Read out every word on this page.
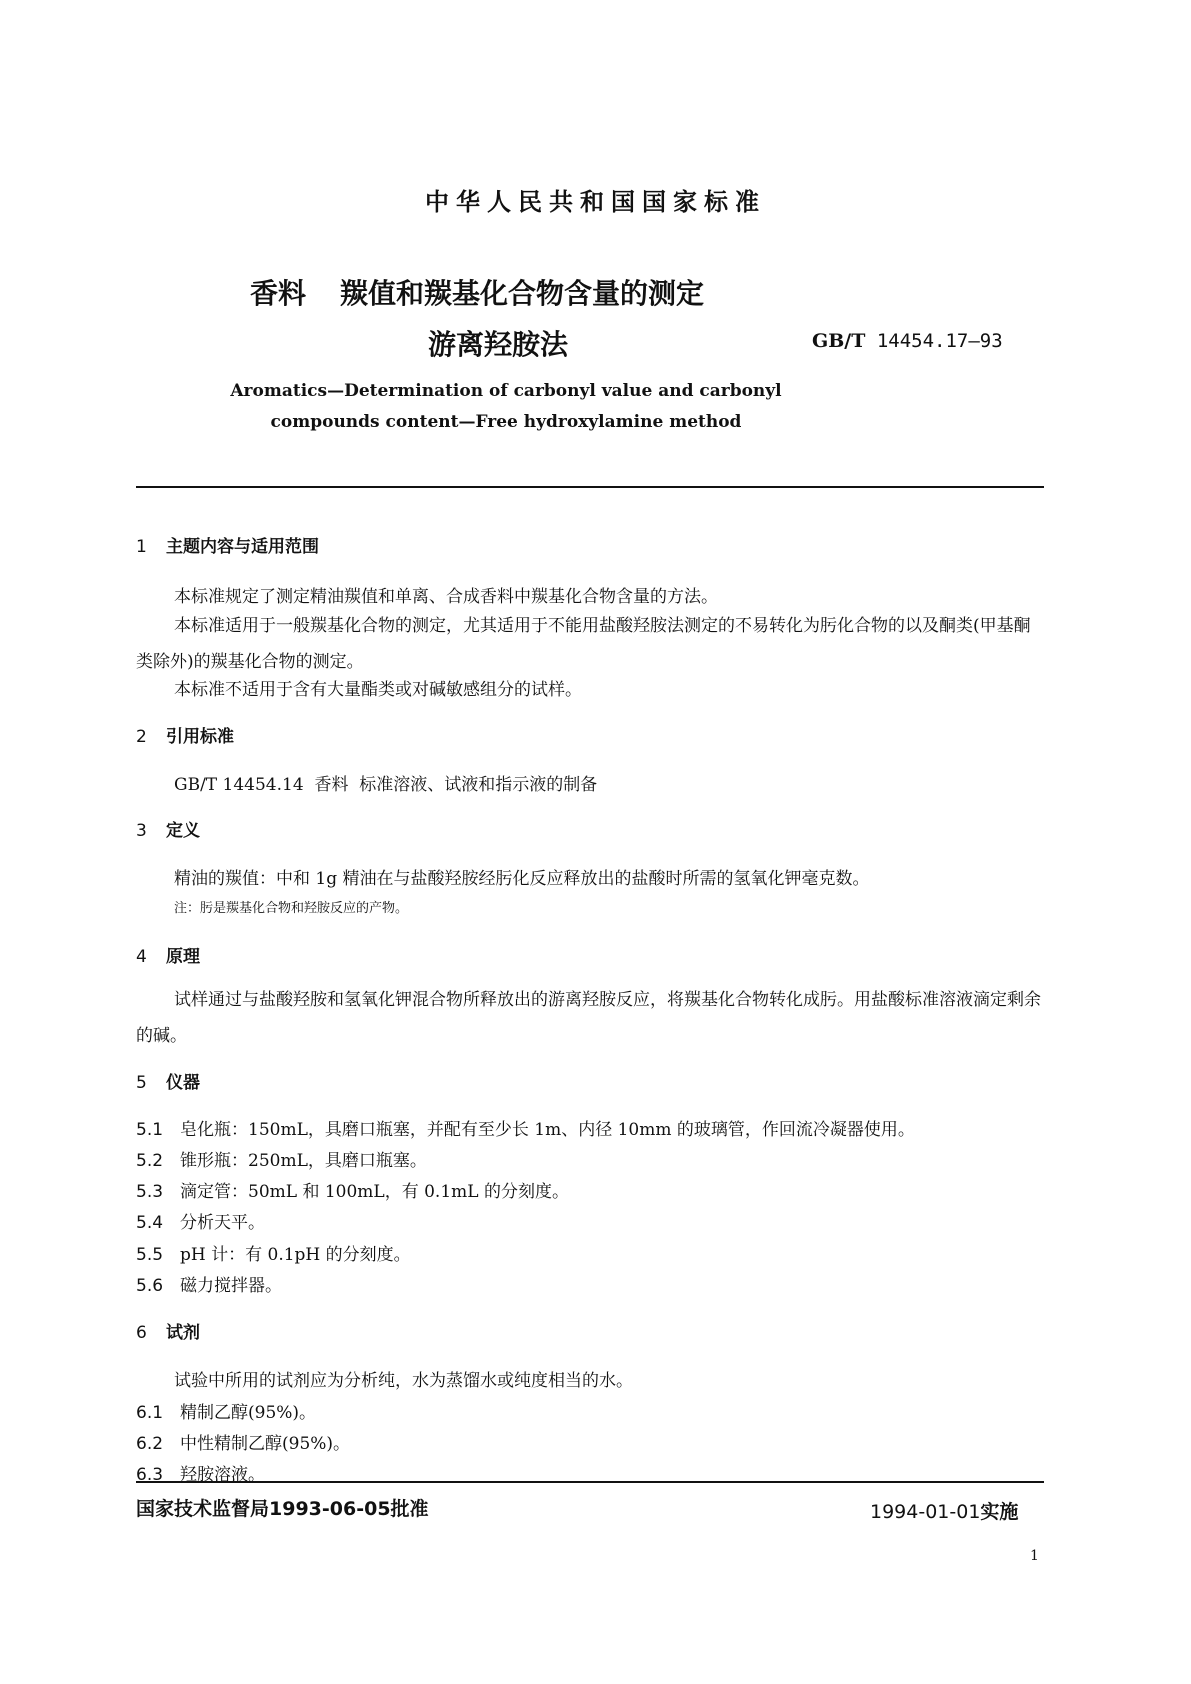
中华人民共和国国家标准
香料 羰值和羰基化合物含量的测定
游离羟胺法	GB/T 14454.17—93
Aromatics—Determination of carbonyl value and carbonyl
compounds content—Free hydroxylamine method
1 主题内容与适用范围
本标准规定了测定精油羰值和单离、合成香料中羰基化合物含量的方法。
本标准适用于一般羰基化合物的测定，尤其适用于不能用盐酸羟胺法测定的不易转化为肟化合物的以及酮类(甲基酮类除外)的羰基化合物的测定。
本标准不适用于含有大量酯类或对碱敏感组分的试样。
2 引用标准
GB/T 14454.14  香料  标准溶液、试液和指示液的制备
3 定义
精油的羰值：中和 1g 精油在与盐酸羟胺经肟化反应释放出的盐酸时所需的氢氧化钾毫克数。
注：肟是羰基化合物和羟胺反应的产物。
4 原理
试样通过与盐酸羟胺和氢氧化钾混合物所释放出的游离羟胺反应，将羰基化合物转化成肟。用盐酸标准溶液滴定剩余的碱。
5 仪器
5.1 皂化瓶：150mL，具磨口瓶塞，并配有至少长 1m、内径 10mm 的玻璃管，作回流冷凝器使用。
5.2 锥形瓶：250mL，具磨口瓶塞。
5.3 滴定管：50mL 和 100mL，有 0.1mL 的分刻度。
5.4 分析天平。
5.5 pH 计：有 0.1pH 的分刻度。
5.6 磁力搅拌器。
6 试剂
试验中所用的试剂应为分析纯，水为蒸馏水或纯度相当的水。
6.1 精制乙醇(95%)。
6.2 中性精制乙醇(95%)。
6.3 羟胺溶液。
国家技术监督局1993-06-05批准	1994-01-01实施
1
